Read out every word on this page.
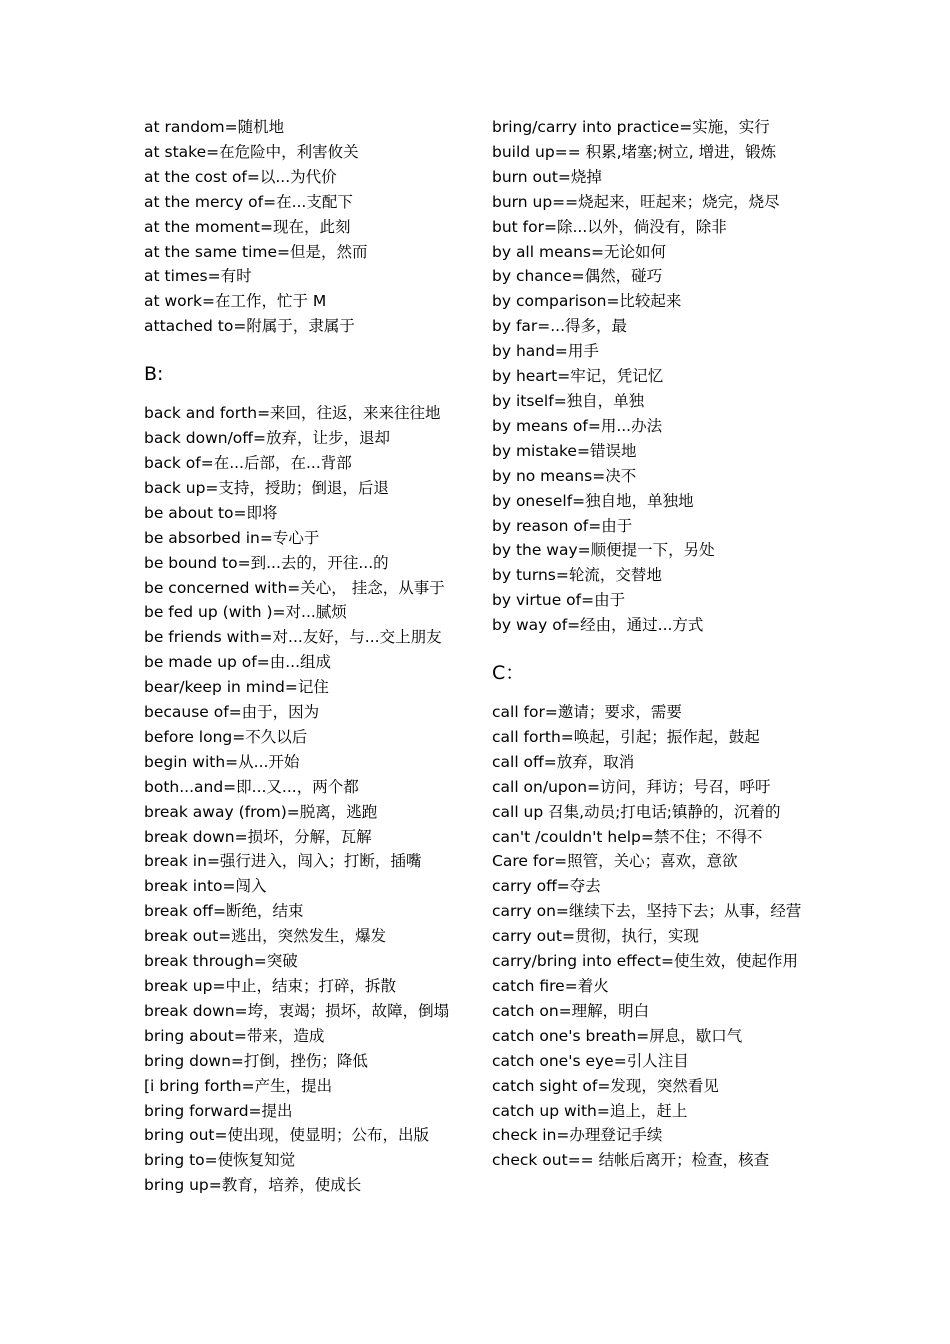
at random=随机地
at stake=在危险中，利害攸关
at the cost of=以...为代价
at the mercy of=在...支配下
at the moment=现在，此刻
at the same time=但是，然而
at times=有时
at work=在工作，忙于 M
attached to=附属于，隶属于
B:
back and forth=来回，往返，来来往往地
back down/off=放弃，让步，退却
back of=在...后部，在...背部
back up=支持，授助；倒退，后退
be about to=即将
be absorbed in=专心于
be bound to=到...去的，开往...的
be concerned with=关心， 挂念，从事于
be fed up (with )=对...腻烦
be friends with=对...友好，与...交上朋友
be made up of=由...组成
bear/keep in mind=记住
because of=由于，因为
before long=不久以后
begin with=从...开始
both...and=即...又...，两个都
break away (from)=脱离，逃跑
break down=损坏，分解，瓦解
break in=强行进入，闯入；打断，插嘴
break into=闯入
break off=断绝，结束
break out=逃出，突然发生，爆发
break through=突破
break up=中止，结束；打碎，拆散
break down=垮，衷竭；损坏，故障，倒塌
bring about=带来，造成
bring down=打倒，挫伤；降低
[i bring forth=产生，提出
bring forward=提出
bring out=使出现，使显明；公布，出版
bring to=使恢复知觉
bring up=教育，培养，使成长
bring/carry into practice=实施，实行
build up== 积累,堵塞;树立, 增进，锻炼
burn out=烧掉
burn up==烧起来，旺起来；烧完，烧尽
but for=除...以外，倘没有，除非
by all means=无论如何
by chance=偶然，碰巧
by comparison=比较起来
by far=...得多，最
by hand=用手
by heart=牢记，凭记忆
by itself=独自，单独
by means of=用...办法
by mistake=错误地
by no means=决不
by oneself=独自地，单独地
by reason of=由于
by the way=顺便提一下，另处
by turns=轮流，交替地
by virtue of=由于
by way of=经由，通过...方式
C：
call for=邀请；要求，需要
call forth=唤起，引起；振作起，鼓起
call off=放弃，取消
call on/upon=访问，拜访；号召，呼吁
call up 召集,动员;打电话;镇静的，沉着的
can't /couldn't help=禁不住；不得不
Care for=照管，关心；喜欢，意欲
carry off=夺去
carry on=继续下去，坚持下去；从事，经营
carry out=贯彻，执行，实现
carry/bring into effect=使生效，使起作用
catch fire=着火
catch on=理解，明白
catch one's breath=屏息，歇口气
catch one's eye=引人注目
catch sight of=发现，突然看见
catch up with=追上，赶上
check in=办理登记手续
check out== 结帐后离开；检查，核查
